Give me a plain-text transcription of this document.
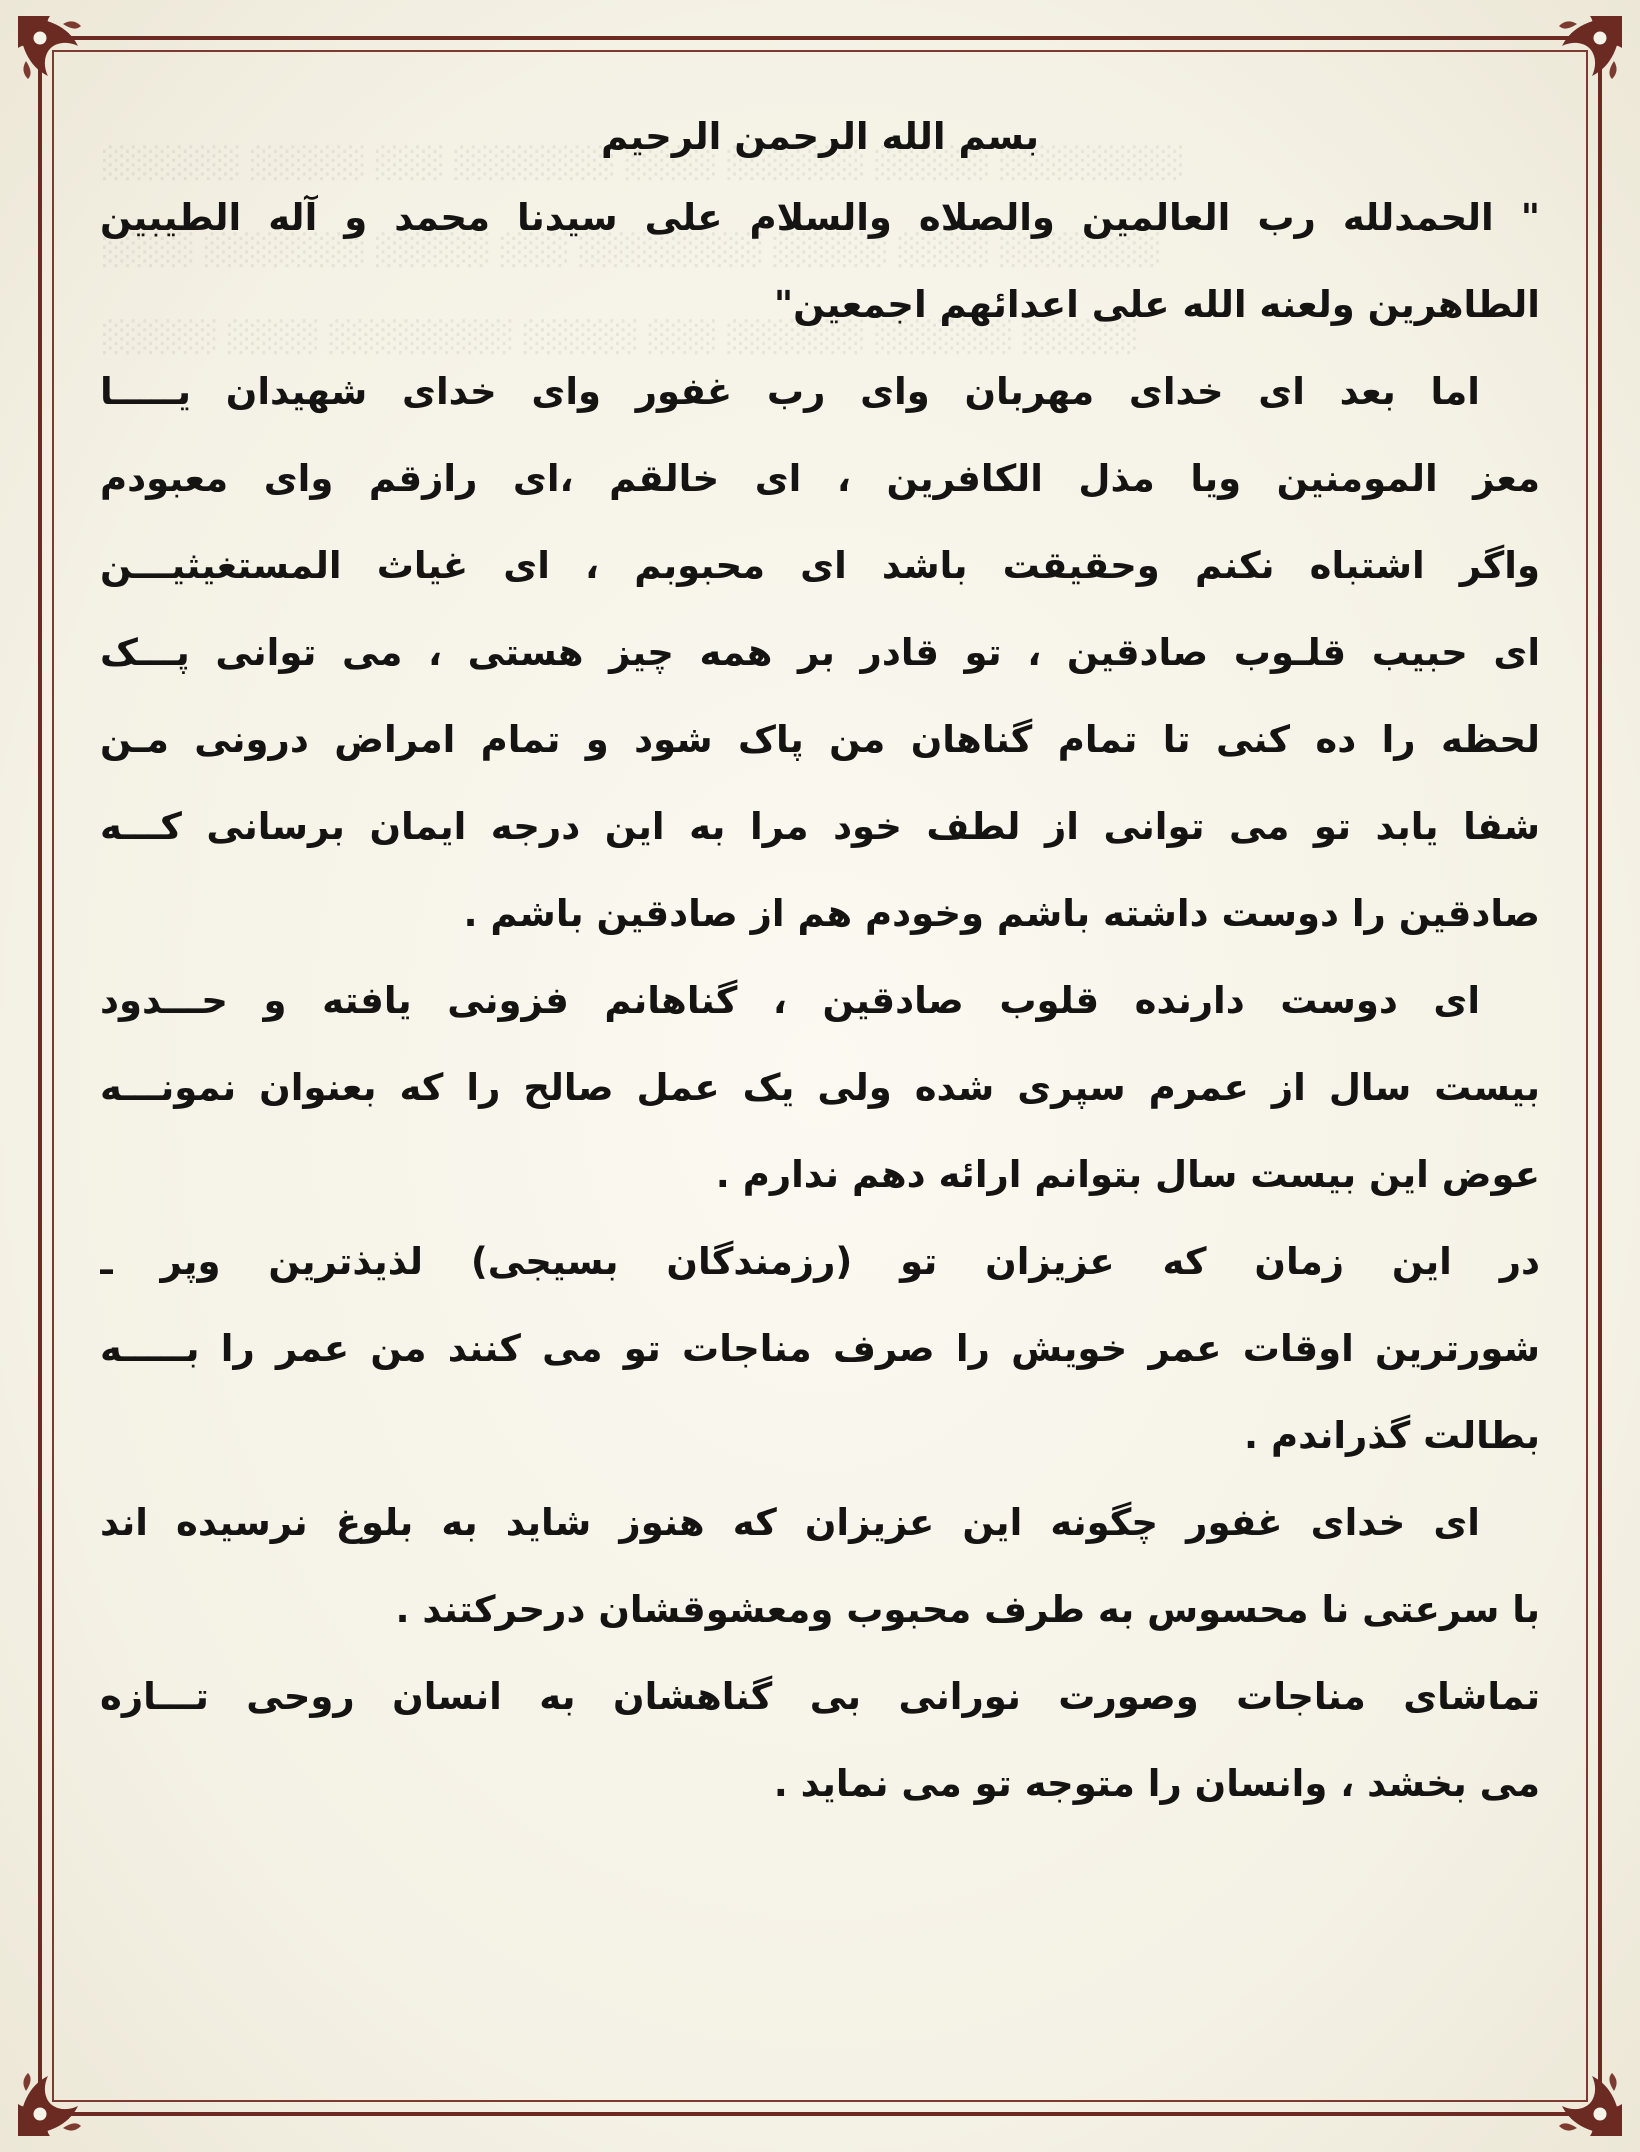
░░░░░░ ░░░░░ ░░░ ░░░░░░░ ░░░░ ░░░░░░ ░░░░░ ░░░░░░░░
░░░░ ░░░░░░░ ░░░░░ ░░░ ░░░░░░░░ ░░░░░ ░░░░ ░░░░░░░
░░░░░ ░░░░ ░░░░░░░░ ░░░░░ ░░░ ░░░░░░ ░░░░░░ ░░░░░
بسم الله الرحمن الرحیم
" الحمدلله رب العالمین والصلاه والسلام علی سیدنا محمد و آله الطیبین
الطاهرین ولعنه الله علی اعدائهم اجمعین"
اما بعد ای خدای مهربان وای رب غفور وای خدای شهیدان یـــــا
معز المومنین ویا مذل الکافرین ، ای خالقم ،ای رازقم وای معبودم
واگر اشتباه نکنم وحقیقت باشد ای محبوبم ، ای غیاث المستغیثیـــن
ای حبیب قلـوب صادقین ، تو قادر بر همه چیز هستی ، می توانی پـــک
لحظه را ده کنی تا تمام گناهان من پاک شود و تمام امراض درونی مـن
شفا یابد تو می توانی از لطف خود مرا به این درجه ایمان برسانی کـــه
صادقین را دوست داشته باشم وخودم هم از صادقین باشم .
ای دوست دارنده قلوب صادقین ، گناهانم فزونی یافته و حـــدود
بیست سال از عمرم سپری شده ولی یک عمل صالح را که بعنوان نمونـــه
عوض این بیست سال بتوانم ارائه دهم ندارم .
در این زمان که عزیزان تو (رزمندگان بسیجی) لذیذترین وپر ـ
شورترین اوقات عمر خویش را صرف مناجات تو می کنند من عمر را بـــــه
بطالت گذراندم .
ای خدای غفور چگونه این عزیزان که هنوز شاید به بلوغ نرسیده اند
با سرعتی نا محسوس به طرف محبوب ومعشوقشان درحرکتند .
تماشای مناجات وصورت نورانی بی گناهشان به انسان روحی تـــازه
می بخشد ، وانسان را متوجه تو می نماید .
